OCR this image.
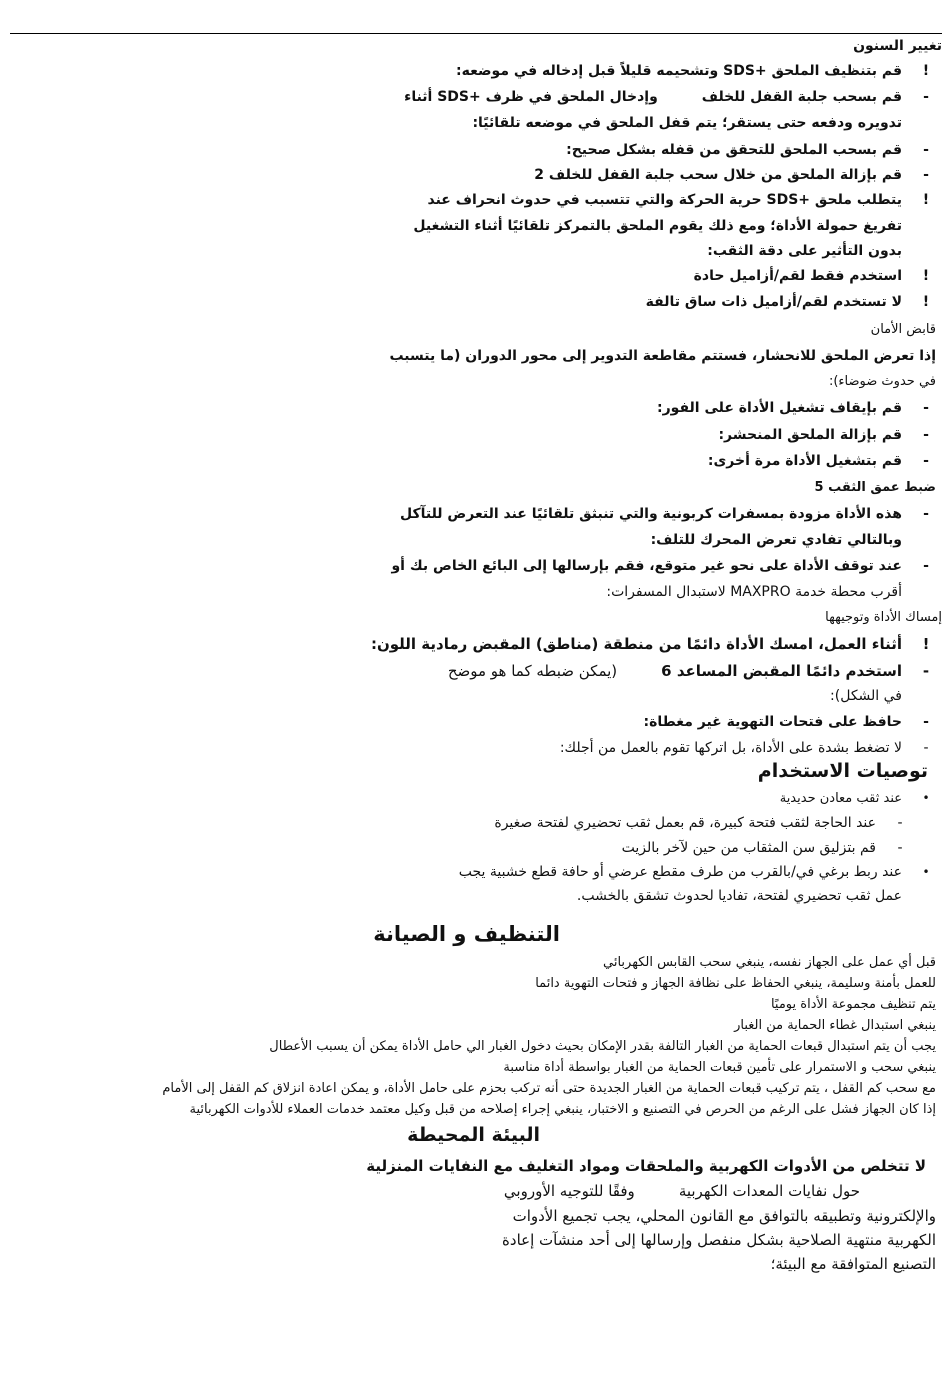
تغيير السنون
!قم بتنظيف الملحق +SDS وتشحيمه قليلاً قبل إدخاله في موضعه:
-قم بسحب جلبة القفل للخلفوإدخال الملحق في ظرف +SDS أثناء
تدويره ودفعه حتى يستقر؛ يتم قفل الملحق في موضعه تلقائيًا:
-قم بسحب الملحق للتحقق من قفله بشكل صحيح:
-قم بإزالة الملحق من خلال سحب جلبة القفل للخلف 2
!يتطلب ملحق +SDS حرية الحركة والتي تتسبب في حدوث انحراف عند
تفريغ حمولة الأداة؛ ومع ذلك يقوم الملحق بالتمركز تلقائيًا أثناء التشغيل
بدون التأثير على دقة الثقب:
!استخدم فقط لقم/أزاميل حادة
!لا تستخدم لقم/أزاميل ذات ساق تالفة
قابض الأمان
إذا تعرض الملحق للانحشار، فستتم مقاطعة التدوير إلى محور الدوران (ما يتسبب
في حدوث ضوضاء):
-قم بإيقاف تشغيل الأداة على الفور:
-قم بإزالة الملحق المنحشر:
-قم بتشغيل الأداة مرة أخرى:
ضبط عمق الثقب 5
-هذه الأداة مزودة بمسفرات كربونية والتي تنبثق تلقائيًا عند التعرض للتآكل
وبالتالي تفادي تعرض المحرك للتلف:
-عند توقف الأداة على نحو غير متوقع، فقم بإرسالها إلى البائع الخاص بك أو
أقرب محطة خدمة MAXPRO لاستبدال المسفرات:
إمساك الأداة وتوجيهها
!أثناء العمل، امسك الأداة دائمًا من منطقة (مناطق) المقبض رمادية اللون:
-استخدم دائمًا المقبض المساعد 6(يمكن ضبطه كما هو موضح
في الشكل):
-حافظ على فتحات التهوية غير مغطاة:
-لا تضغط بشدة على الأداة، بل اتركها تقوم بالعمل من أجلك:
توصيات الاستخدام
•عند ثقب معادن حديدية
-عند الحاجة لثقب فتحة كبيرة، قم بعمل ثقب تحضيري لفتحة صغيرة
-قم بتزليق سن المثقاب من حين لآخر بالزيت
•عند ربط برغي في/بالقرب من طرف مقطع عرضي أو حافة قطع خشبية يجب
عمل ثقب تحضيري لفتحة، تفاديا لحدوث تشقق بالخشب.
التنظيف و الصيانة
قبل أي عمل على الجهاز نفسه، ينبغي سحب القابس الكهربائي
للعمل بأمنة وسليمة، ينبغي الحفاظ على نظافة الجهاز و فتحات التهوية دائما
يتم تنظيف مجموعة الأداة يوميًا
ينبغي استبدال غطاء الحماية من الغبار
يجب أن يتم استبدال قبعات الحماية من الغبار التالفة بقدر الإمكان بحيث دخول الغبار الي حامل الأداة يمكن أن يسبب الأعطال
ينبغي سحب و الاستمرار على تأمين قبعات الحماية من الغبار بواسطة أداة مناسبة
مع سحب كم القفل ، يتم تركيب قبعات الحماية من الغبار الجديدة حتى أنه تركب بحزم على حامل الأداة، و يمكن اعادة انزلاق كم القفل إلى الأمام
إذا كان الجهاز فشل على الرغم من الحرص في التصنيع و الاختبار، ينبغي إجراء إصلاحه من قبل وكيل معتمد خدمات العملاء للأدوات الكهربائية
البيئة المحيطة
لا تتخلص من الأدوات الكهربية والملحقات ومواد التغليف مع النفايات المنزلية
حول نفايات المعدات الكهربيةوفقًا للتوجيه الأوروبي
والإلكترونية وتطبيقه بالتوافق مع القانون المحلي، يجب تجميع الأدوات
الكهربية منتهية الصلاحية بشكل منفصل وإرسالها إلى أحد منشآت إعادة
التصنيع المتوافقة مع البيئة؛
